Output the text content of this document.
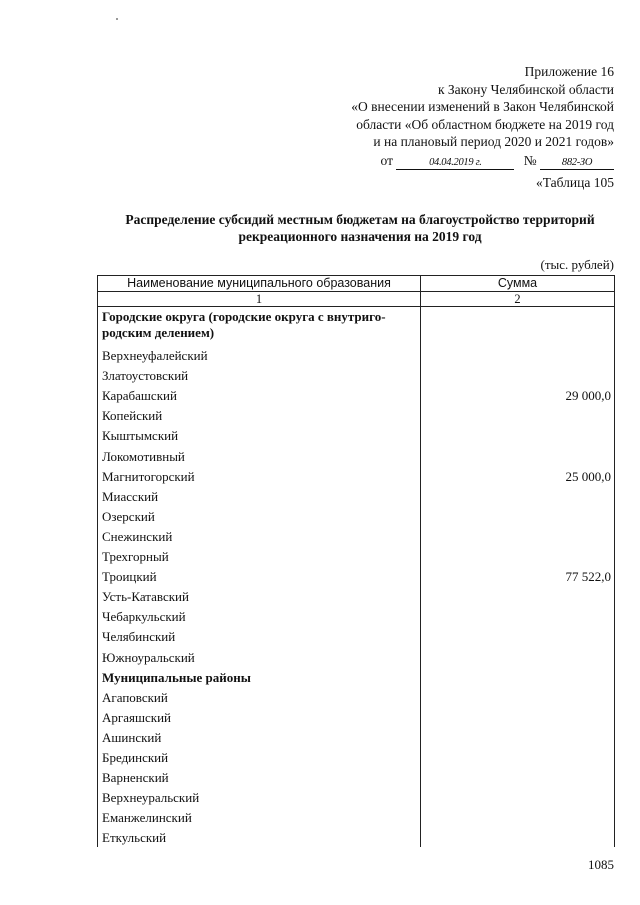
Приложение 16
к Закону Челябинской области
«О внесении изменений в Закон Челябинской
области «Об областном бюджете на 2019 год
и на плановый период 2020 и 2021 годов»
от	04.04.2019 г.	№ 882-ЗО
«Таблица 105
Распределение субсидий местным бюджетам на благоустройство территорий
рекреационного назначения на 2019 год
(тыс. рублей)
Наименование муниципального образования	Сумма
1	2
Городские округа (городские округа с внутриго-родским делением)	
Верхнеуфалейский	
Златоустовский	
Карабашский	29 000,0
Копейский	
Кыштымский	
Локомотивный	
Магнитогорский	25 000,0
Миасский	
Озерский	
Снежинский	
Трехгорный	
Троицкий	77 522,0
Усть-Катавский	
Чебаркульский	
Челябинский	
Южноуральский	
Муниципальные районы	
Агаповский	
Аргаяшский	
Ашинский	
Брединский	
Варненский	
Верхнеуральский	
Еманжелинский	
Еткульский	
1085
